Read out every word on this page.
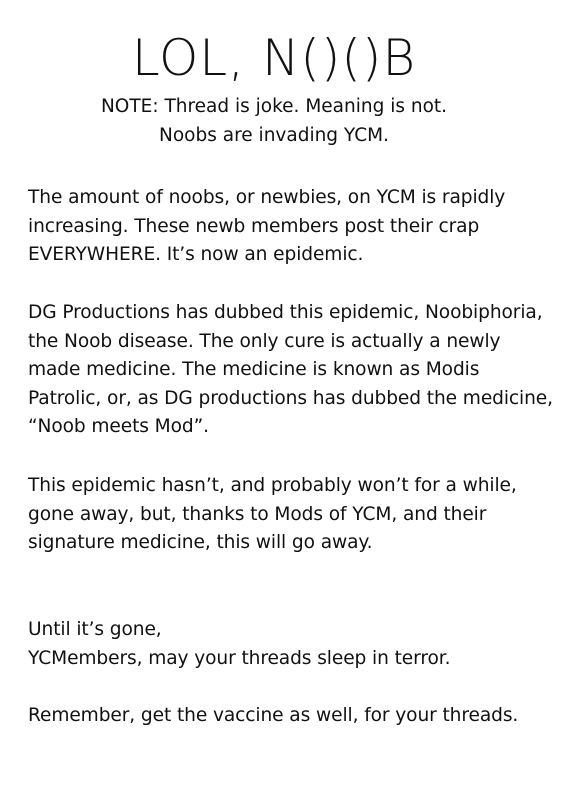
LOL, N()()B
NOTE: Thread is joke. Meaning is not.
Noobs are invading YCM.
The amount of noobs, or newbies, on YCM is rapidly
increasing. These newb members post their crap
EVERYWHERE. It’s now an epidemic.
DG Productions has dubbed this epidemic, Noobiphoria,
the Noob disease. The only cure is actually a newly
made medicine. The medicine is known as Modis
Patrolic, or, as DG productions has dubbed the medicine,
“Noob meets Mod”.
This epidemic hasn’t, and probably won’t for a while,
gone away, but, thanks to Mods of YCM, and their
signature medicine, this will go away.
Until it’s gone,
YCMembers, may your threads sleep in terror.
Remember, get the vaccine as well, for your threads.
